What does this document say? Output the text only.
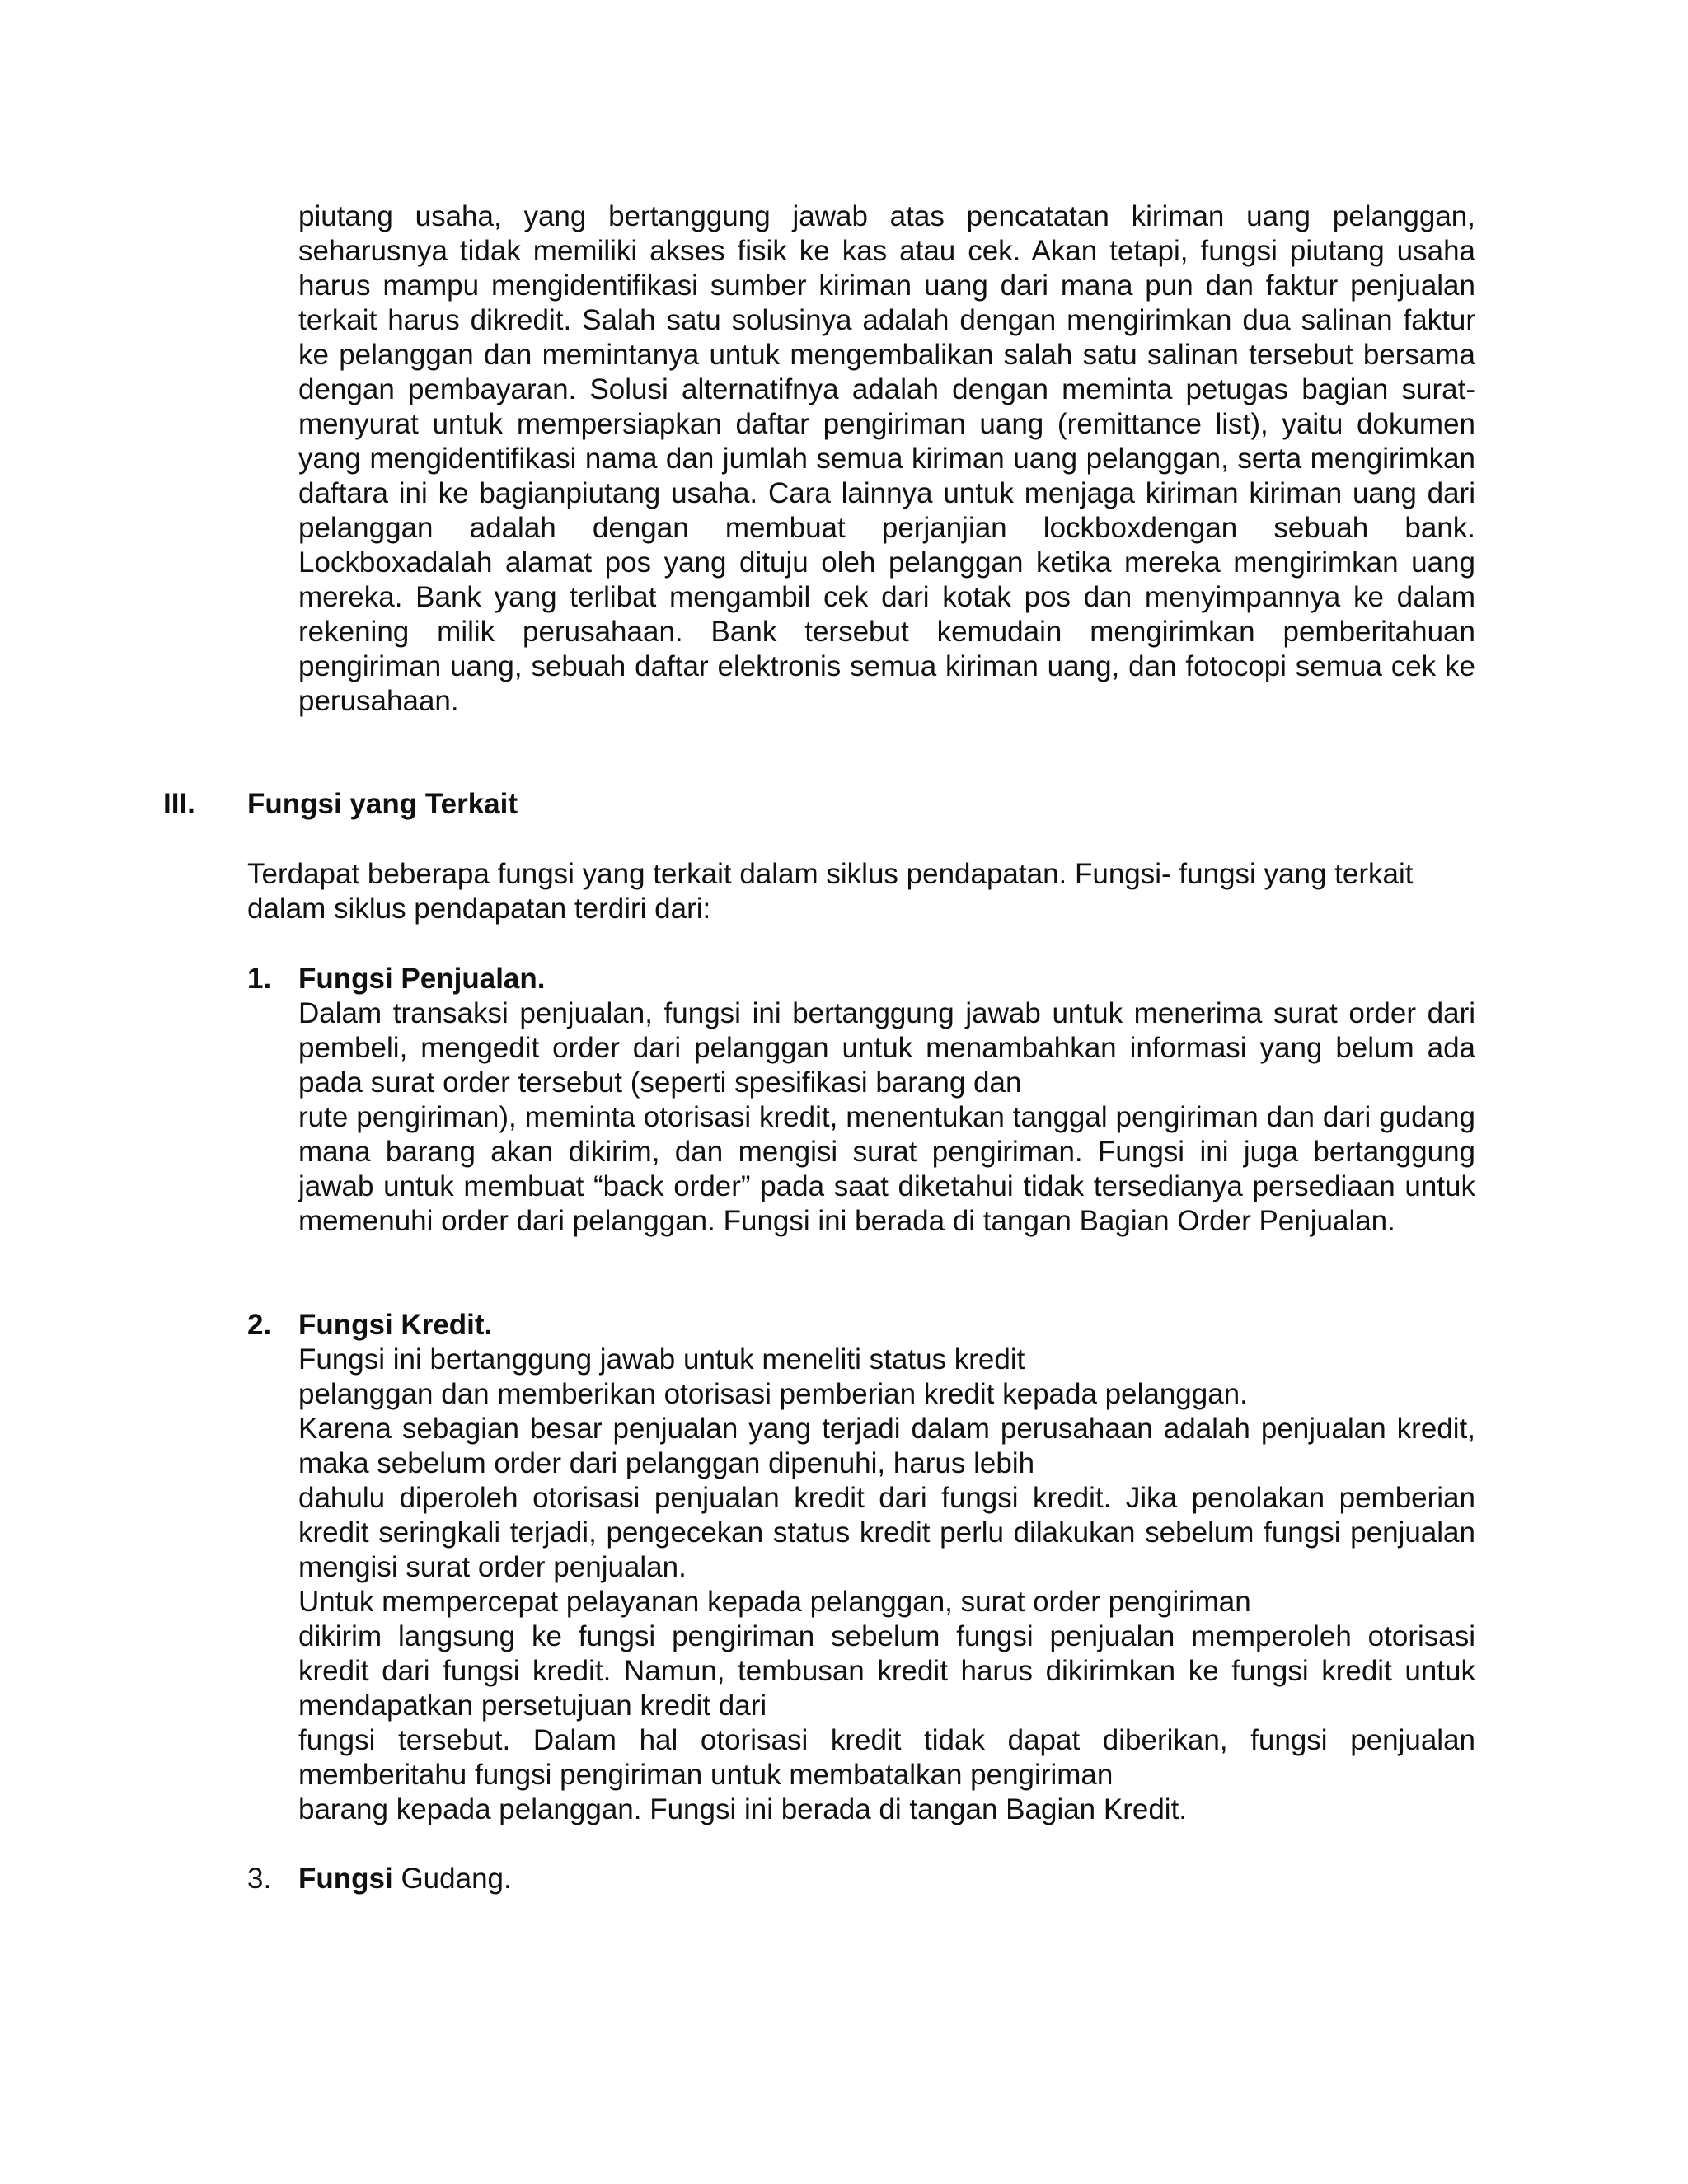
piutang usaha, yang bertanggung jawab atas pencatatan kiriman uang pelanggan, seharusnya tidak memiliki akses fisik ke kas atau cek. Akan tetapi, fungsi piutang usaha harus mampu mengidentifikasi sumber kiriman uang dari mana pun dan faktur penjualan terkait harus dikredit. Salah satu solusinya adalah dengan mengirimkan dua salinan faktur ke pelanggan dan memintanya untuk mengembalikan salah satu salinan tersebut bersama dengan pembayaran. Solusi alternatifnya adalah dengan meminta petugas bagian surat-menyurat untuk mempersiapkan daftar pengiriman uang (remittance list), yaitu dokumen yang mengidentifikasi nama dan jumlah semua kiriman uang pelanggan, serta mengirimkan daftara ini ke bagianpiutang usaha. Cara lainnya untuk menjaga kiriman kiriman uang dari pelanggan adalah dengan membuat perjanjian lockboxdengan sebuah bank. Lockboxadalah alamat pos yang dituju oleh pelanggan ketika mereka mengirimkan uang mereka. Bank yang terlibat mengambil cek dari kotak pos dan menyimpannya ke dalam rekening milik perusahaan. Bank tersebut kemudain mengirimkan pemberitahuan pengiriman uang, sebuah daftar elektronis semua kiriman uang, dan fotocopi semua cek ke perusahaan.

III. Fungsi yang Terkait

Terdapat beberapa fungsi yang terkait dalam siklus pendapatan. Fungsi- fungsi yang terkait dalam siklus pendapatan terdiri dari:

1. Fungsi Penjualan.

Dalam transaksi penjualan, fungsi ini bertanggung jawab untuk menerima surat order dari pembeli, mengedit order dari pelanggan untuk menambahkan informasi yang belum ada pada surat order tersebut (seperti spesifikasi barang dan

rute pengiriman), meminta otorisasi kredit, menentukan tanggal pengiriman dan dari gudang mana barang akan dikirim, dan mengisi surat pengiriman. Fungsi ini juga bertanggung jawab untuk membuat “back order” pada saat diketahui tidak tersedianya persediaan untuk memenuhi order dari pelanggan. Fungsi ini berada di tangan Bagian Order Penjualan.

2. Fungsi Kredit.

Fungsi ini bertanggung jawab untuk meneliti status kredit

pelanggan dan memberikan otorisasi pemberian kredit kepada pelanggan.

Karena sebagian besar penjualan yang terjadi dalam perusahaan adalah penjualan kredit, maka sebelum order dari pelanggan dipenuhi, harus lebih

dahulu diperoleh otorisasi penjualan kredit dari fungsi kredit. Jika penolakan pemberian kredit seringkali terjadi, pengecekan status kredit perlu dilakukan sebelum fungsi penjualan mengisi surat order penjualan.

Untuk mempercepat pelayanan kepada pelanggan, surat order pengiriman

dikirim langsung ke fungsi pengiriman sebelum fungsi penjualan memperoleh otorisasi kredit dari fungsi kredit. Namun, tembusan kredit harus dikirimkan ke fungsi kredit untuk mendapatkan persetujuan kredit dari

fungsi tersebut. Dalam hal otorisasi kredit tidak dapat diberikan, fungsi penjualan memberitahu fungsi pengiriman untuk membatalkan pengiriman

barang kepada pelanggan. Fungsi ini berada di tangan Bagian Kredit.

3. Fungsi Gudang.
